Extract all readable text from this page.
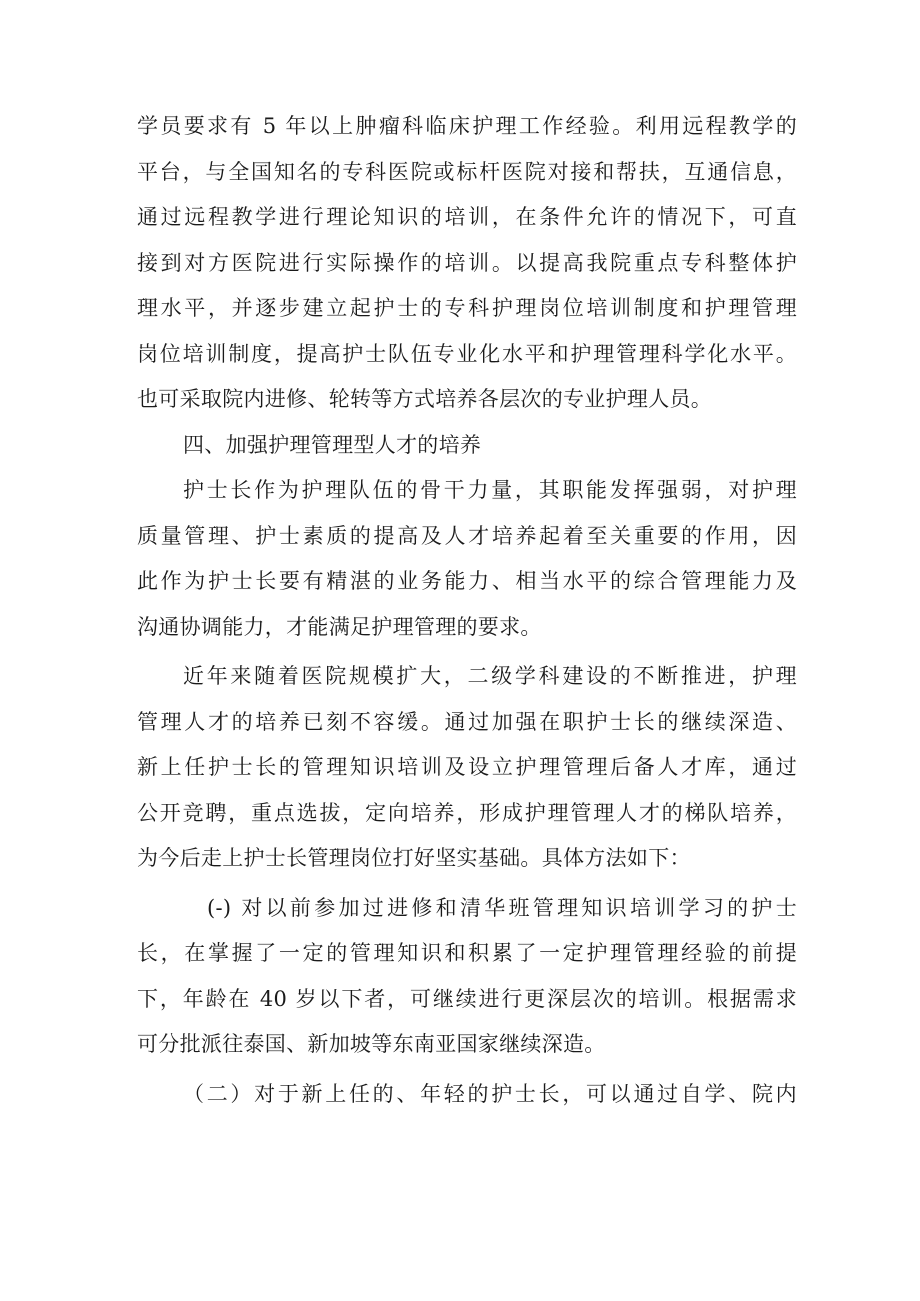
学员要求有 5 年以上肿瘤科临床护理工作经验。利用远程教学的
平台，与全国知名的专科医院或标杆医院对接和帮扶，互通信息，
通过远程教学进行理论知识的培训，在条件允许的情况下，可直
接到对方医院进行实际操作的培训。以提高我院重点专科整体护
理水平，并逐步建立起护士的专科护理岗位培训制度和护理管理
岗位培训制度，提高护士队伍专业化水平和护理管理科学化水平。
也可采取院内进修、轮转等方式培养各层次的专业护理人员。
四、加强护理管理型人才的培养
护士长作为护理队伍的骨干力量，其职能发挥强弱，对护理
质量管理、护士素质的提高及人才培养起着至关重要的作用，因
此作为护士长要有精湛的业务能力、相当水平的综合管理能力及
沟通协调能力，才能满足护理管理的要求。
近年来随着医院规模扩大，二级学科建设的不断推进，护理
管理人才的培养已刻不容缓。通过加强在职护士长的继续深造、
新上任护士长的管理知识培训及设立护理管理后备人才库，通过
公开竞聘，重点选拔，定向培养，形成护理管理人才的梯队培养，
为今后走上护士长管理岗位打好坚实基础。具体方法如下：
(-) 对以前参加过进修和清华班管理知识培训学习的护士
长，在掌握了一定的管理知识和积累了一定护理管理经验的前提
下，年龄在 40 岁以下者，可继续进行更深层次的培训。根据需求
可分批派往泰国、新加坡等东南亚国家继续深造。
（二）对于新上任的、年轻的护士长，可以通过自学、院内
